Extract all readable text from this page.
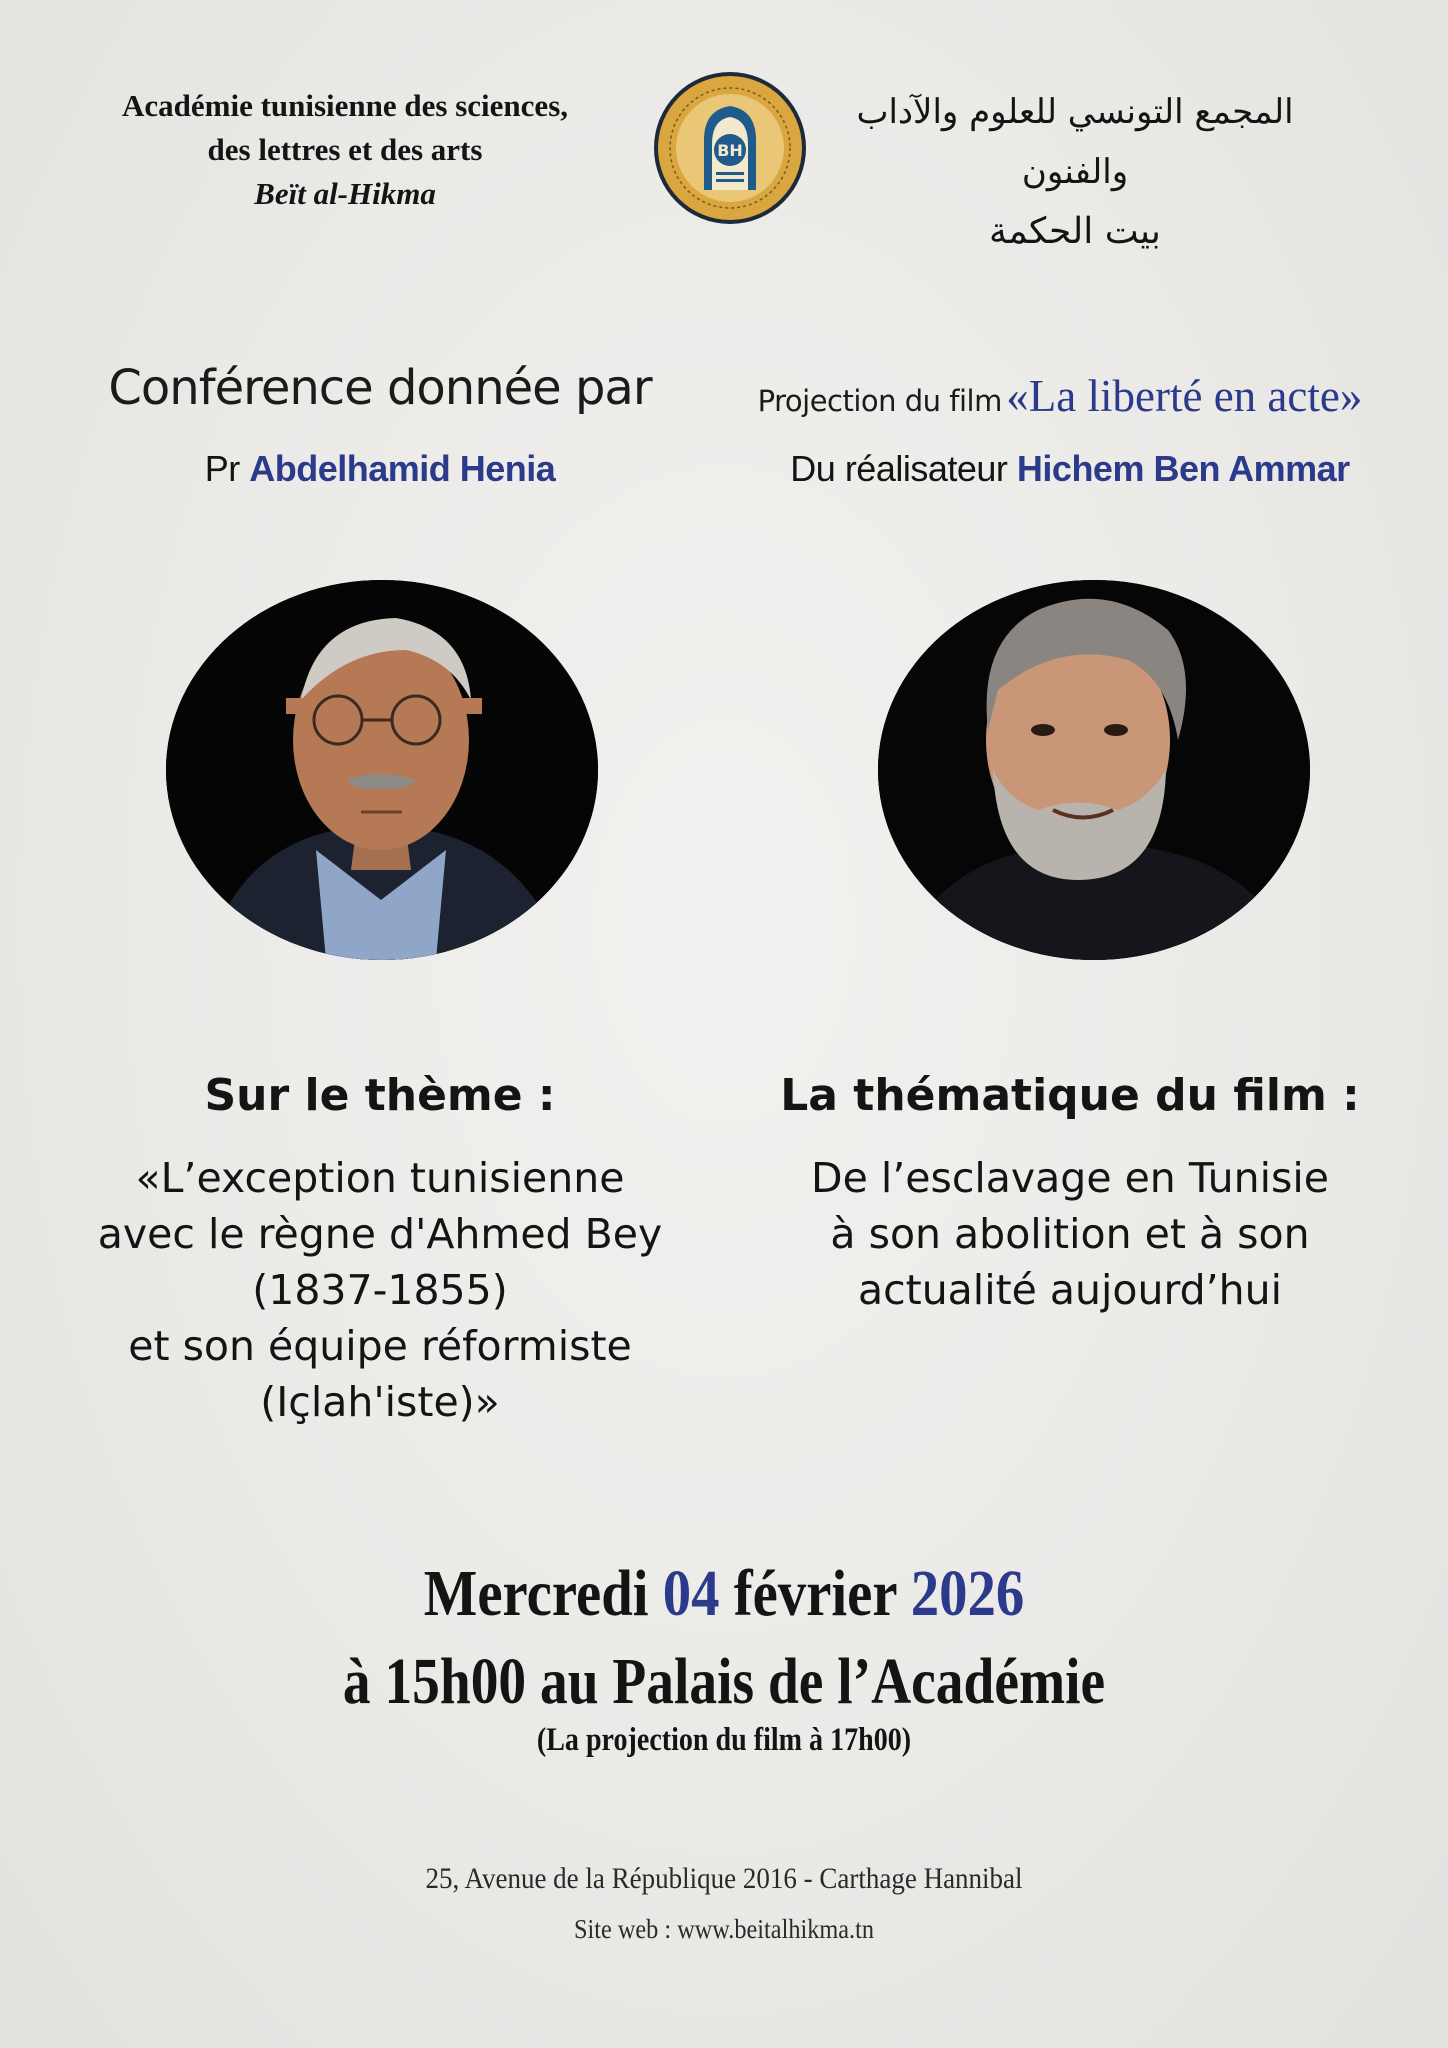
Académie tunisienne des sciences,
des lettres et des arts
Beït al-Hikma
BH
المجمع التونسي للعلوم والآداب والفنون
بيت الحكمة
Conférence donnée par
Pr Abdelhamid Henia
Projection du film «La liberté en acte»
Du réalisateur Hichem Ben Ammar
Sur le thème :
«L’exception tunisienne
avec le règne d'Ahmed Bey
(1837-1855)
et son équipe réformiste
(Içlah'iste)»
La thématique du film :
De l’esclavage en Tunisie
à son abolition et à son
actualité aujourd’hui
Mercredi 04 février 2026
à 15h00 au Palais de l’Académie
(La projection du film à 17h00)
25, Avenue de la République 2016 - Carthage Hannibal
Site web : www.beitalhikma.tn
